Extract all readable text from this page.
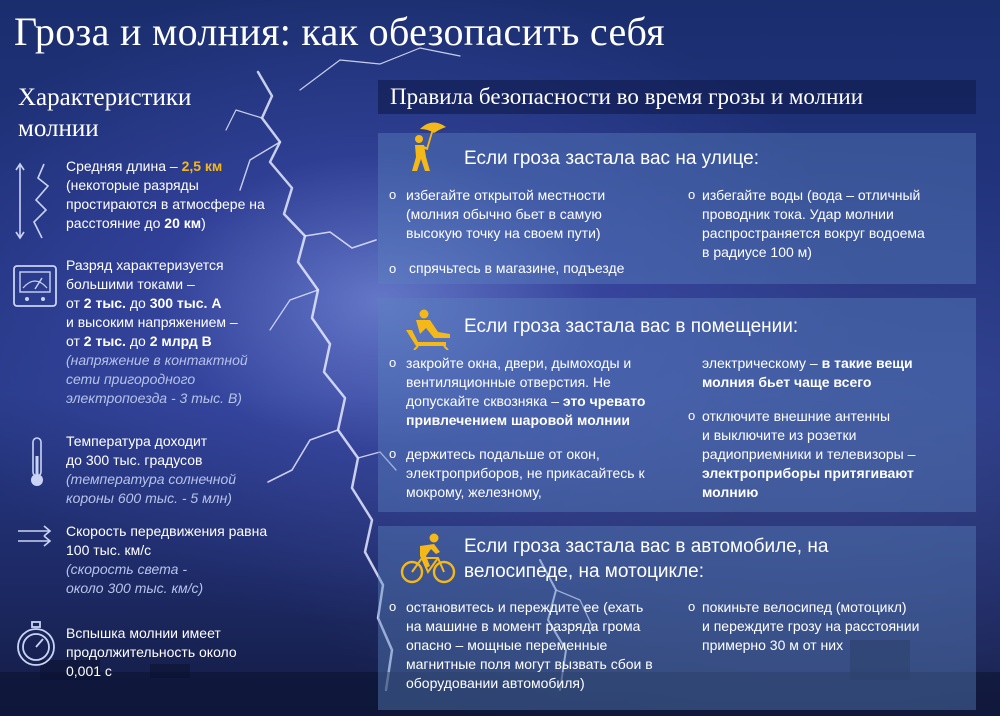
Гроза и молния: как обезопасить себя
Характеристики
молнии
Средняя длина – 2,5 км
(некоторые разряды
простираются в атмосфере на
расстояние до 20 км)
Разряд характеризуется
большими токами –
от 2 тыс. до 300 тыс. А
и высоким напряжением –
от 2 тыс. до 2 млрд В
(напряжение в контактной
сети пригородного
электропоезда - 3 тыс. В)
Температура доходит
до 300 тыс. градусов
(температура солнечной
короны 600 тыс. - 5 млн)
Скорость передвижения равна
100 тыс. км/с
(скорость света -
около 300 тыс. км/с)
Вспышка молнии имеет
продолжительность около
0,001 с
Правила безопасности во время грозы и молнии
Если гроза застала вас на улице:
o избегайте открытой местности

(молния обычно бьет в самую

высокую точку на своем пути)

o спрячьтесь в магазине, подъезде

o избегайте воды (вода – отличный

проводник тока. Удар молнии

распространяется вокруг водоема

в радиусе 100 м)

Если гроза застала вас в помещении:
o закройте окна, двери, дымоходы и

вентиляционные отверстия. Не

допускайте сквозняка – это чревато

привлечением шаровой молнии

o держитесь подальше от окон,

электроприборов, не прикасайтесь к

мокрому, железному,

электрическому – в такие вещи

молния бьет чаще всего

o отключите внешние антенны

и выключите из розетки

радиоприемники и телевизоры –

электроприборы притягивают

молнию

Если гроза застала вас в автомобиле, на
велосипеде, на мотоцикле:
o остановитесь и переждите ее (ехать

на машине в момент разряда грома

опасно – мощные переменные

магнитные поля могут вызвать сбои в

оборудовании автомобиля)

o покиньте велосипед (мотоцикл)

и переждите грозу на расстоянии

примерно 30 м от них
